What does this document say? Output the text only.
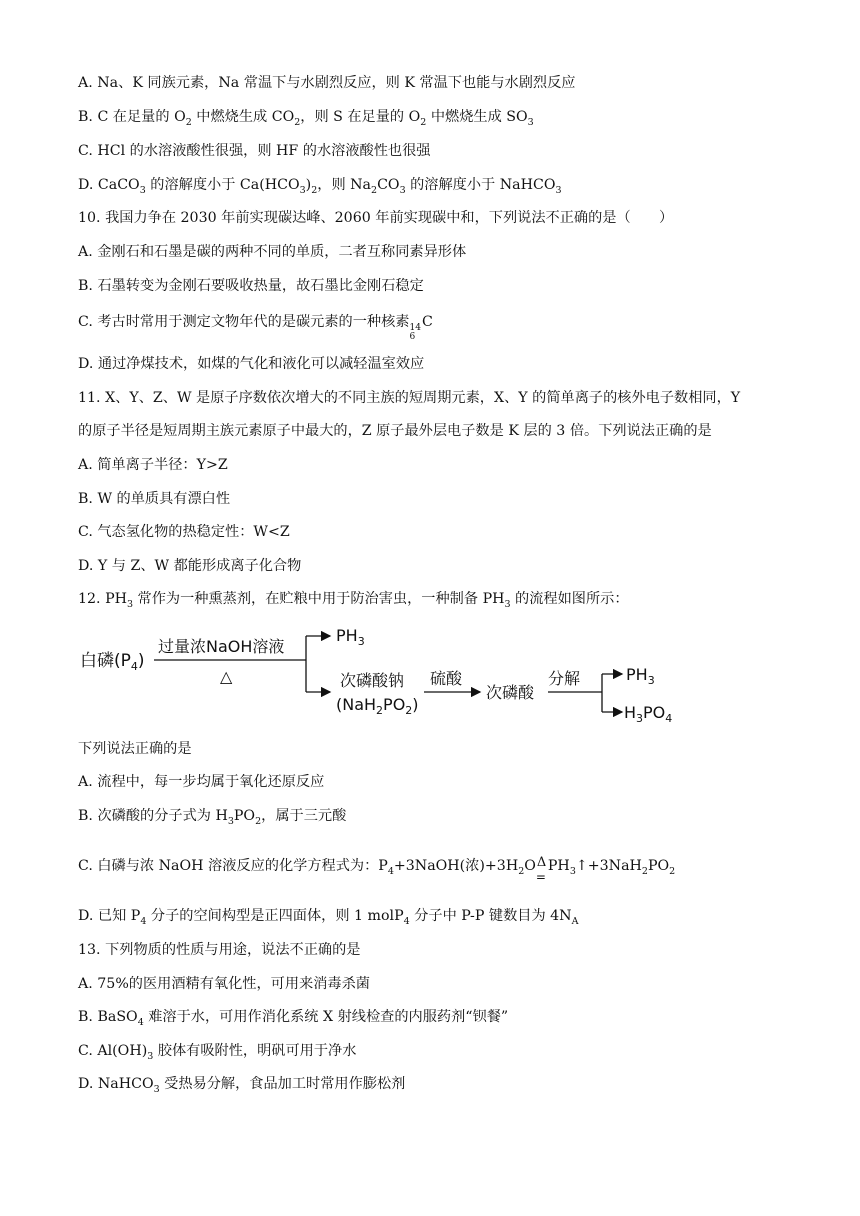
A. Na、K 同族元素，Na 常温下与水剧烈反应，则 K 常温下也能与水剧烈反应
B. C 在足量的 $O_2$ 中燃烧生成 $CO_2$，则 S 在足量的 $O_2$ 中燃烧生成 $SO_3$
C. HCl 的水溶液酸性很强，则 HF 的水溶液酸性也很强
D. CaCO$_3$ 的溶解度小于 $Ca(HCO_3)_2$，则 $Na_2CO_3$ 的溶解度小于 NaHCO$_3$
10. 我国力争在 2030 年前实现碳达峰、2060 年前实现碳中和，下列说法不正确的是（　　）
A. 金刚石和石墨是碳的两种不同的单质，二者互称同素异形体
B. 石墨转变为金刚石要吸收热量，故石墨比金刚石稳定
C. 考古时常用于测定文物年代的是碳元素的一种核素 14
6
C
D. 通过净煤技术，如煤的气化和液化可以减轻温室效应
11. X、Y、Z、W 是原子序数依次增大的不同主族的短周期元素，X、Y 的简单离子的核外电子数相同，Y
的原子半径是短周期主族元素原子中最大的，Z 原子最外层电子数是 K 层的 3 倍。下列说法正确的是
A. 简单离子半径：Y>Z
B. W 的单质具有漂白性
C. 气态氢化物的热稳定性：W<Z
D. Y 与 Z、W 都能形成离子化合物
12. $PH_3$ 常作为一种熏蒸剂，在贮粮中用于防治害虫，一种制备 $PH_3$ 的流程如图所示：
白磷$(P_4)$
过量浓NaOH溶液
△
$PH_3$
次磷酸钠
$(NaH_2PO_2)$
硫酸
次磷酸
分解	$PH_3$
$H_3PO_4$
下列说法正确的是
A. 流程中，每一步均属于氧化还原反应
B. 次磷酸的分子式为 $H_3PO_2$，属于三元酸
C. 白磷与浓 NaOH 溶液反应的化学方程式为：$P_4+3NaOH$(浓)$+3H_2O$ Δ
=
$PH_3↑+3NaH_2PO_2$
D. 已知 $P_4$ 分子的空间构型是正四面体，则 1 molP$_4$ 分子中 P-P 键数目为 $4N_A$
13. 下列物质的性质与用途，说法不正确的是
A. 75%的医用酒精有氧化性，可用来消毒杀菌
B. BaSO$_4$ 难溶于水，可用作消化系统 X 射线检查的内服药剂“钡餐”
C. $Al(OH)_3$ 胶体有吸附性，明矾可用于净水
D. NaHCO$_3$ 受热易分解，食品加工时常用作膨松剂
